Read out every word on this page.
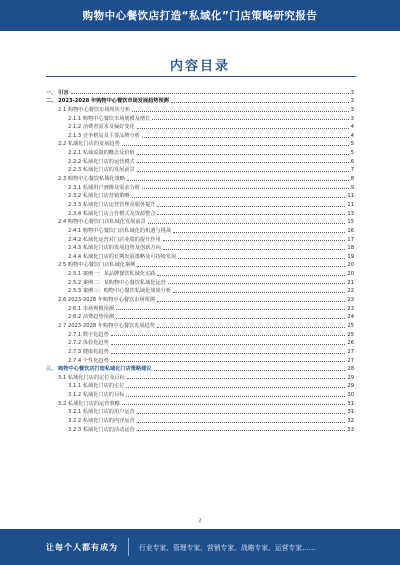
购物中心餐饮店打造“私域化”门店策略研究报告
内容目录
一、 引言	3
二、 2023-2028 年购物中心餐饮市场发展趋势预测	3
2.1 购物中心餐饮市场现状分析	3
2.1.1 购物中心餐饮市场规模及增长	3
2.1.2 消费者需求及偏好变化	4
2.1.3 竞争格局及主要品牌分析	4
2.2 私域化门店的发展趋势	5
2.2.1 私域流量的概念及价值	5
2.2.2 私域化门店的运营模式	6
2.2.3 私域化门店的发展前景	7
2.3 购物中心餐饮私域化策略	8
2.3.1 私域用户画像及需求分析	9
2.3.2 私域化门店营销策略	11
2.3.3 私域化门店运营管理及服务提升	11
2.3.4 私域化门店合作模式及资源整合	13
2.4 购物中心餐饮门店私域化发展前景	15
2.4.1 购物中心餐饮门店私域化的机遇与挑战	16
2.4.2 私域化运营对门店业绩的提升作用	17
2.4.3 私域化门店的发展趋势及创新方向	18
2.4.4 私域化门店的长期发展策略及可持续发展	19
2.5 购物中心餐饮门店私域化案例	20
2.5.1 案例一：某品牌餐饮私域化实践	20
2.5.2 案例二：某购物中心餐饮私域化运营	21
2.5.3 案例三：购物中心餐饮私域化效果分析	22
2.6 2023-2028 年购物中心餐饮市场预测	23
2.6.1 市场规模预测	23
2.6.2 消费趋势预测	24
2.7 2023-2028 年购物中心餐饮发展趋势	25
2.7.1 数字化趋势	25
2.7.2 体验化趋势	26
2.7.3 健康化趋势	27
2.7.4 个性化趋势	27
三、 购物中心餐饮店打造私域化门店策略建议	28
3.1 私域化门店的定位及目标	29
3.1.1 私域化门店的定位	29
3.1.2 私域化门店的目标	30
3.2 私域化门店的运营策略	31
3.2.1 私域化门店的用户运营	31
3.2.2 私域化门店的内容运营	32
3.2.3 私域化门店的活动运营	33
2
让每个人都有成为	行业专家、管理专家、营销专家、战略专家、运营专家……
